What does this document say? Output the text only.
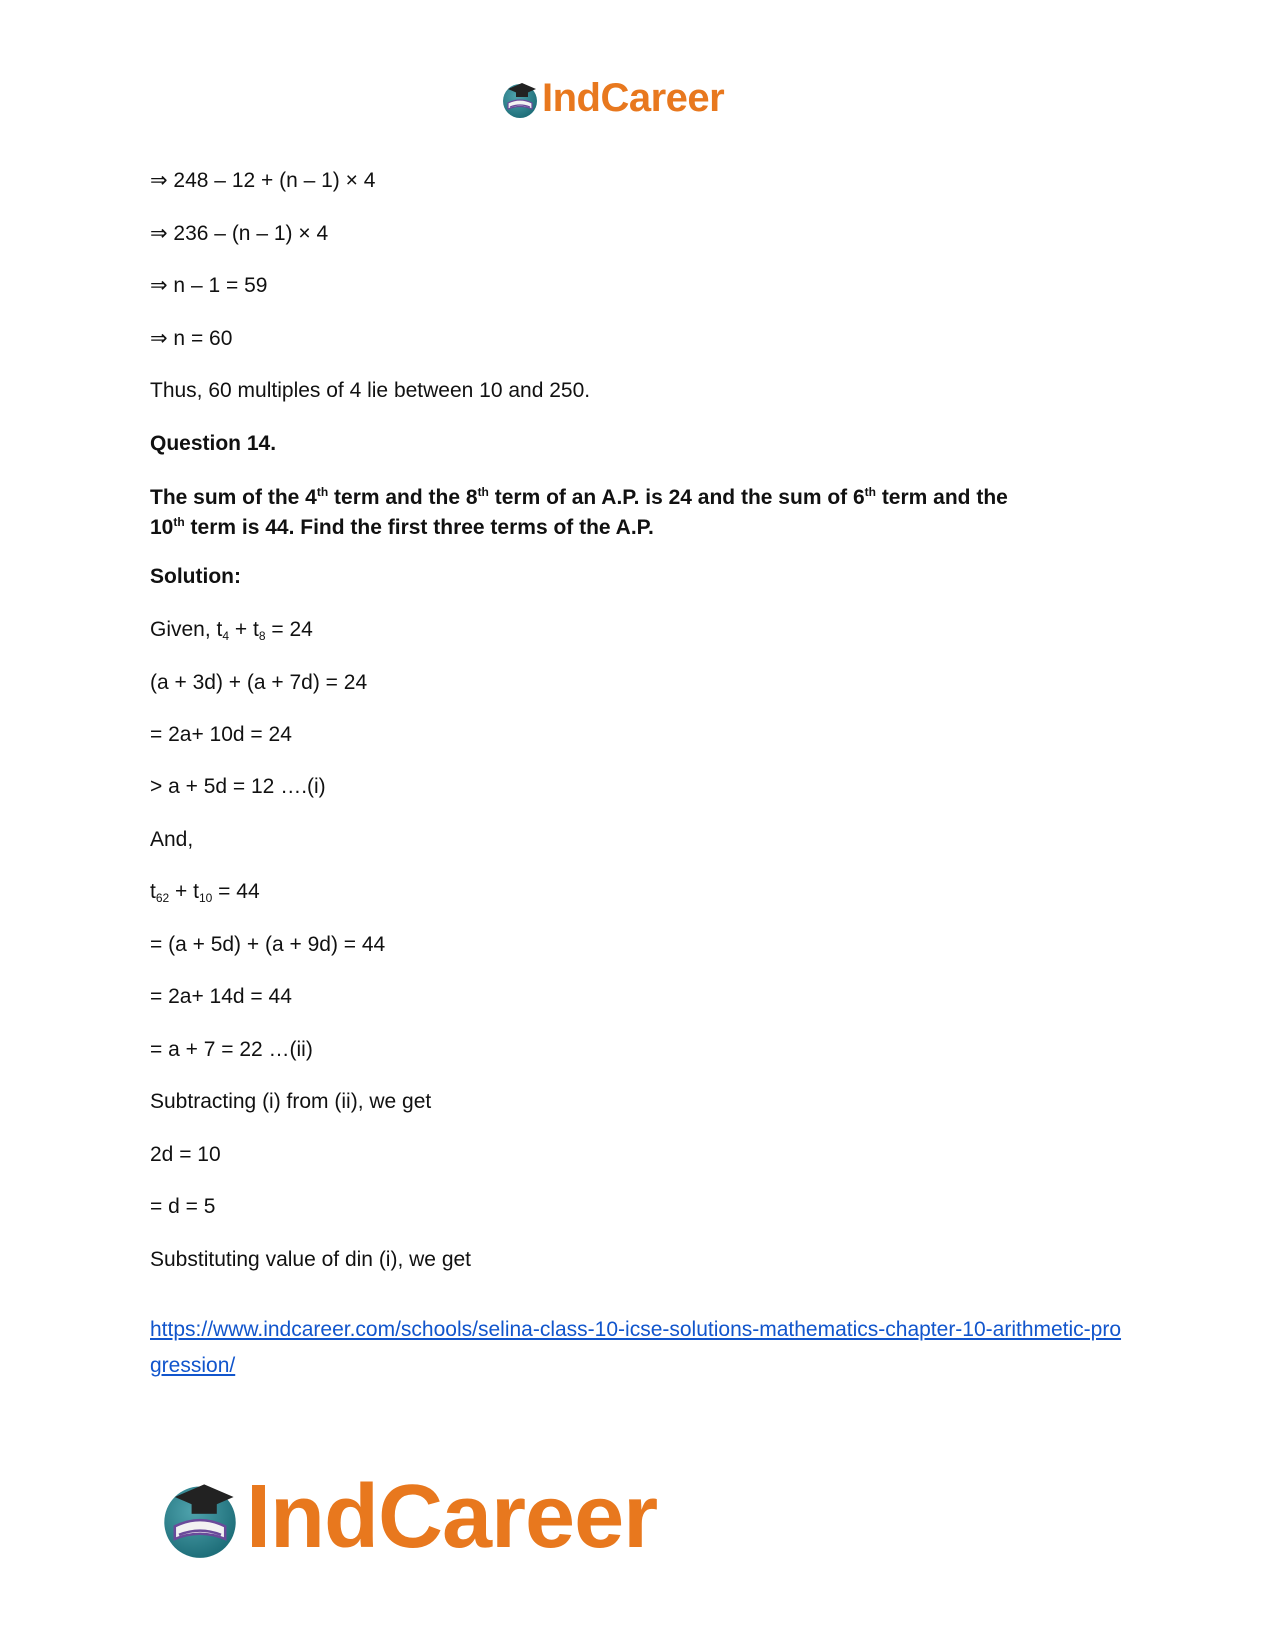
IndCareer
⇒ 248 – 12 + (n – 1) × 4
⇒ 236 – (n – 1) × 4
⇒ n – 1 = 59
⇒ n = 60
Thus, 60 multiples of 4 lie between 10 and 250.
Question 14.
The sum of the 4th term and the 8th term of an A.P. is 24 and the sum of 6th term and the
10th term is 44. Find the first three terms of the A.P.
Solution:
Given, $t_4 + t_8 = 24$
(a + 3d) + (a + 7d) = 24
= 2a+ 10d = 24
> a + 5d = 12 ….(i)
And,
$t_{62} + t_{10} = 44$
= (a + 5d) + (a + 9d) = 44
= 2a+ 14d = 44
= a + 7 = 22 …(ii)
Subtracting (i) from (ii), we get
2d = 10
= d = 5
Substituting value of din (i), we get
https://www.indcareer.com/schools/selina-class-10-icse-solutions-mathematics-chapter-10-arithmetic-progression/
IndCareer
